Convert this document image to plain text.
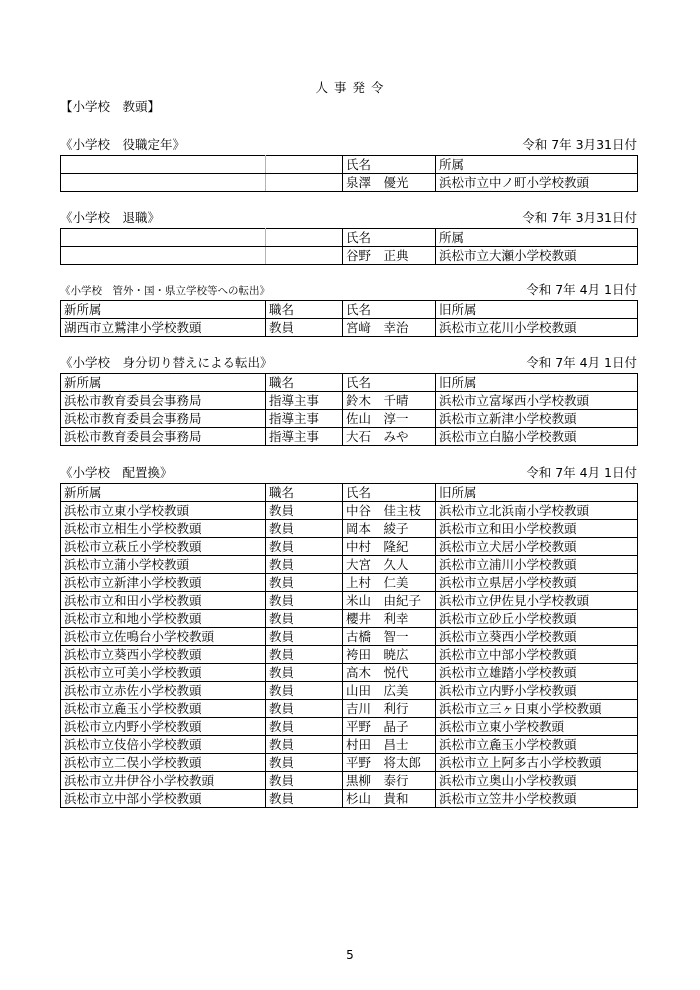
人 事 発 令
【小学校　教頭】
《小学校　役職定年》	令和 7年 3月31日付
		氏名	所属
		泉澤　優光	浜松市立中ノ町小学校教頭
《小学校　退職》	令和 7年 3月31日付
		氏名	所属
		谷野　正典	浜松市立大瀬小学校教頭
《小学校　管外・国・県立学校等への転出》	令和 7年 4月 1日付
新所属	職名	氏名	旧所属
湖西市立鷲津小学校教頭	教員	宮﨑　幸治	浜松市立花川小学校教頭
《小学校　身分切り替えによる転出》	令和 7年 4月 1日付
新所属	職名	氏名	旧所属
浜松市教育委員会事務局	指導主事	鈴木　千晴	浜松市立富塚西小学校教頭
浜松市教育委員会事務局	指導主事	佐山　淳一	浜松市立新津小学校教頭
浜松市教育委員会事務局	指導主事	大石　みや	浜松市立白脇小学校教頭
《小学校　配置換》	令和 7年 4月 1日付
新所属	職名	氏名	旧所属
浜松市立東小学校教頭	教員	中谷　佳主枝	浜松市立北浜南小学校教頭
浜松市立相生小学校教頭	教員	岡本　綾子	浜松市立和田小学校教頭
浜松市立萩丘小学校教頭	教員	中村　隆紀	浜松市立犬居小学校教頭
浜松市立蒲小学校教頭	教員	大宮　久人	浜松市立浦川小学校教頭
浜松市立新津小学校教頭	教員	上村　仁美	浜松市立県居小学校教頭
浜松市立和田小学校教頭	教員	米山　由紀子	浜松市立伊佐見小学校教頭
浜松市立和地小学校教頭	教員	櫻井　利幸	浜松市立砂丘小学校教頭
浜松市立佐鳴台小学校教頭	教員	古橋　智一	浜松市立葵西小学校教頭
浜松市立葵西小学校教頭	教員	袴田　暁広	浜松市立中部小学校教頭
浜松市立可美小学校教頭	教員	高木　悦代	浜松市立雄踏小学校教頭
浜松市立赤佐小学校教頭	教員	山田　広美	浜松市立内野小学校教頭
浜松市立麁玉小学校教頭	教員	吉川　利行	浜松市立三ヶ日東小学校教頭
浜松市立内野小学校教頭	教員	平野　晶子	浜松市立東小学校教頭
浜松市立伎倍小学校教頭	教員	村田　昌士	浜松市立麁玉小学校教頭
浜松市立二俣小学校教頭	教員	平野　将太郎	浜松市立上阿多古小学校教頭
浜松市立井伊谷小学校教頭	教員	黒柳　泰行	浜松市立奥山小学校教頭
浜松市立中部小学校教頭	教員	杉山　貴和	浜松市立笠井小学校教頭
5
